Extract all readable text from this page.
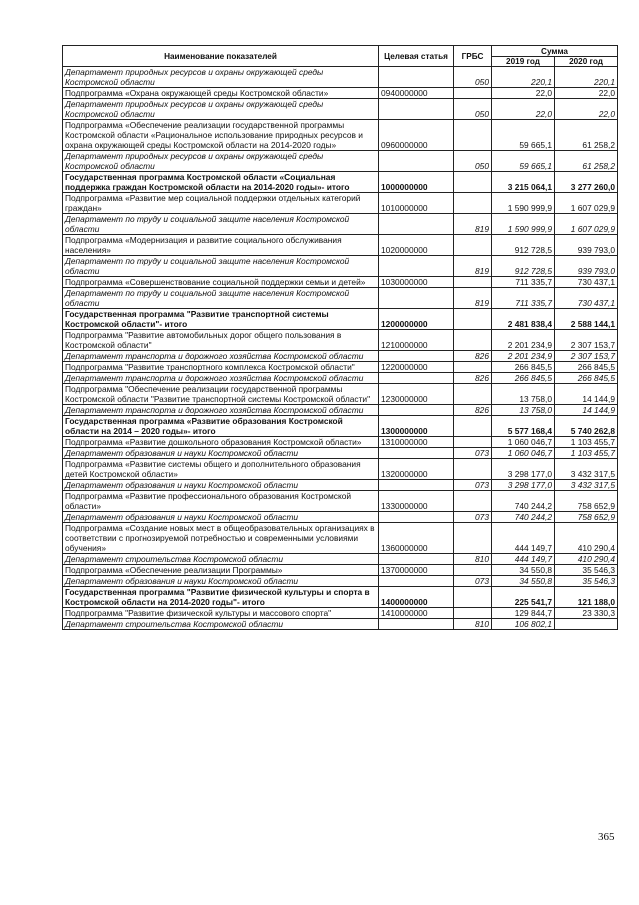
Наименование показателей	Целевая статья	ГРБС	Сумма	
			2019 год	2020 год
Департамент природных ресурсов и охраны окружающей среды Костромской области		050	220,1	220,1
Подпрограмма «Охрана окружающей среды Костромской области»	0940000000		22,0	22,0
Департамент природных ресурсов и охраны окружающей среды Костромской области		050	22,0	22,0
Подпрограмма «Обеспечение реализации государственной программы Костромской области «Рациональное использование природных ресурсов и охрана окружающей среды Костромской области на 2014-2020 годы»	0960000000		59 665,1	61 258,2
Департамент природных ресурсов и охраны окружающей среды Костромской области		050	59 665,1	61 258,2
Государственная программа Костромской области «Социальная поддержка граждан Костромской области на 2014-2020 годы»- итого	1000000000		3 215 064,1	3 277 260,0
Подпрограмма «Развитие мер социальной поддержки отдельных категорий граждан»	1010000000		1 590 999,9	1 607 029,9
Департамент по труду и социальной защите населения Костромской области		819	1 590 999,9	1 607 029,9
Подпрограмма «Модернизация и развитие социального обслуживания населения»	1020000000		912 728,5	939 793,0
Департамент по труду и социальной защите населения Костромской области		819	912 728,5	939 793,0
Подпрограмма «Совершенствование социальной поддержки семьи и детей»	1030000000		711 335,7	730 437,1
Департамент по труду и социальной защите населения Костромской области		819	711 335,7	730 437,1
Государственная программа "Развитие транспортной системы Костромской области"- итого	1200000000		2 481 838,4	2 588 144,1
Подпрограмма "Развитие автомобильных дорог общего пользования в Костромской области"	1210000000		2 201 234,9	2 307 153,7
Департамент транспорта и дорожного хозяйства Костромской области		826	2 201 234,9	2 307 153,7
Подпрограмма "Развитие транспортного комплекса Костромской области"	1220000000		266 845,5	266 845,5
Департамент транспорта и дорожного хозяйства Костромской области		826	266 845,5	266 845,5
Подпрограмма "Обеспечение реализации государственной программы Костромской области "Развитие транспортной системы Костромской области"	1230000000		13 758,0	14 144,9
Департамент транспорта и дорожного хозяйства Костромской области		826	13 758,0	14 144,9
Государственная программа «Развитие образования Костромской области на 2014 – 2020 годы»- итого	1300000000		5 577 168,4	5 740 262,8
Подпрограмма «Развитие дошкольного образования Костромской области»	1310000000		1 060 046,7	1 103 455,7
Департамент образования и науки Костромской области		073	1 060 046,7	1 103 455,7
Подпрограмма «Развитие системы общего и дополнительного образования детей Костромской области»	1320000000		3 298 177,0	3 432 317,5
Департамент образования и науки Костромской области		073	3 298 177,0	3 432 317,5
Подпрограмма «Развитие профессионального образования Костромской области»	1330000000		740 244,2	758 652,9
Департамент образования и науки Костромской области		073	740 244,2	758 652,9
Подпрограмма «Создание новых мест в общеобразовательных организациях в соответствии с прогнозируемой потребностью и современными условиями обучения»	1360000000		444 149,7	410 290,4
Департамент строительства Костромской области		810	444 149,7	410 290,4
Подпрограмма «Обеспечение реализации Программы»	1370000000		34 550,8	35 546,3
Департамент образования и науки Костромской области		073	34 550,8	35 546,3
Государственная программа "Развитие физической культуры и спорта в Костромской области на 2014-2020 годы"- итого	1400000000		225 541,7	121 188,0
Подпрограмма "Развитие физической культуры и массового спорта"	1410000000		129 844,7	23 330,3
Департамент строительства Костромской области		810	106 802,1	
365
